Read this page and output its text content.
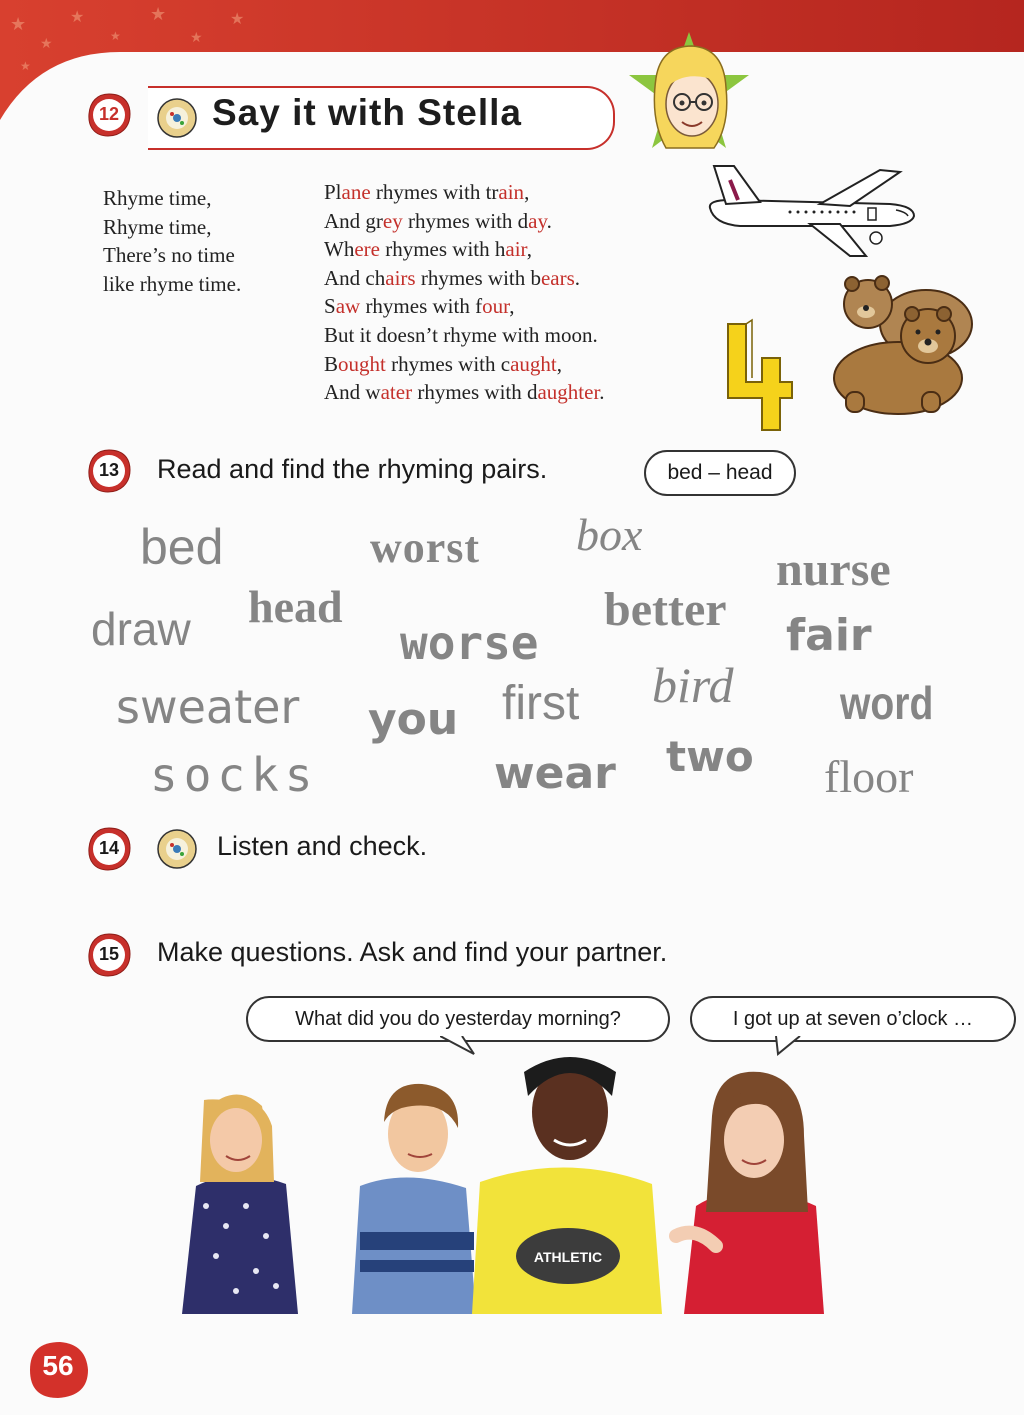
★
★
★
★
★
★
★
★
12	Say it with Stella
Rhyme time,
Rhyme time,
There’s no time
like rhyme time.
Plane rhymes with train,
And grey rhymes with day.
Where rhymes with hair,
And chairs rhymes with bears.
Saw rhymes with four,
But it doesn’t rhyme with moon.
Bought rhymes with caught,
And water rhymes with daughter.
13	Read and find the rhyming pairs.	bed – head
bed	worst box
nurse
draw head	better
worse	fair
sweater you first bird word
socks	wear two floor
14	Listen and check.
15	Make questions. Ask and find your partner.
What did you do yesterday morning?	I got up at seven o’clock …
ATHLETIC
56
